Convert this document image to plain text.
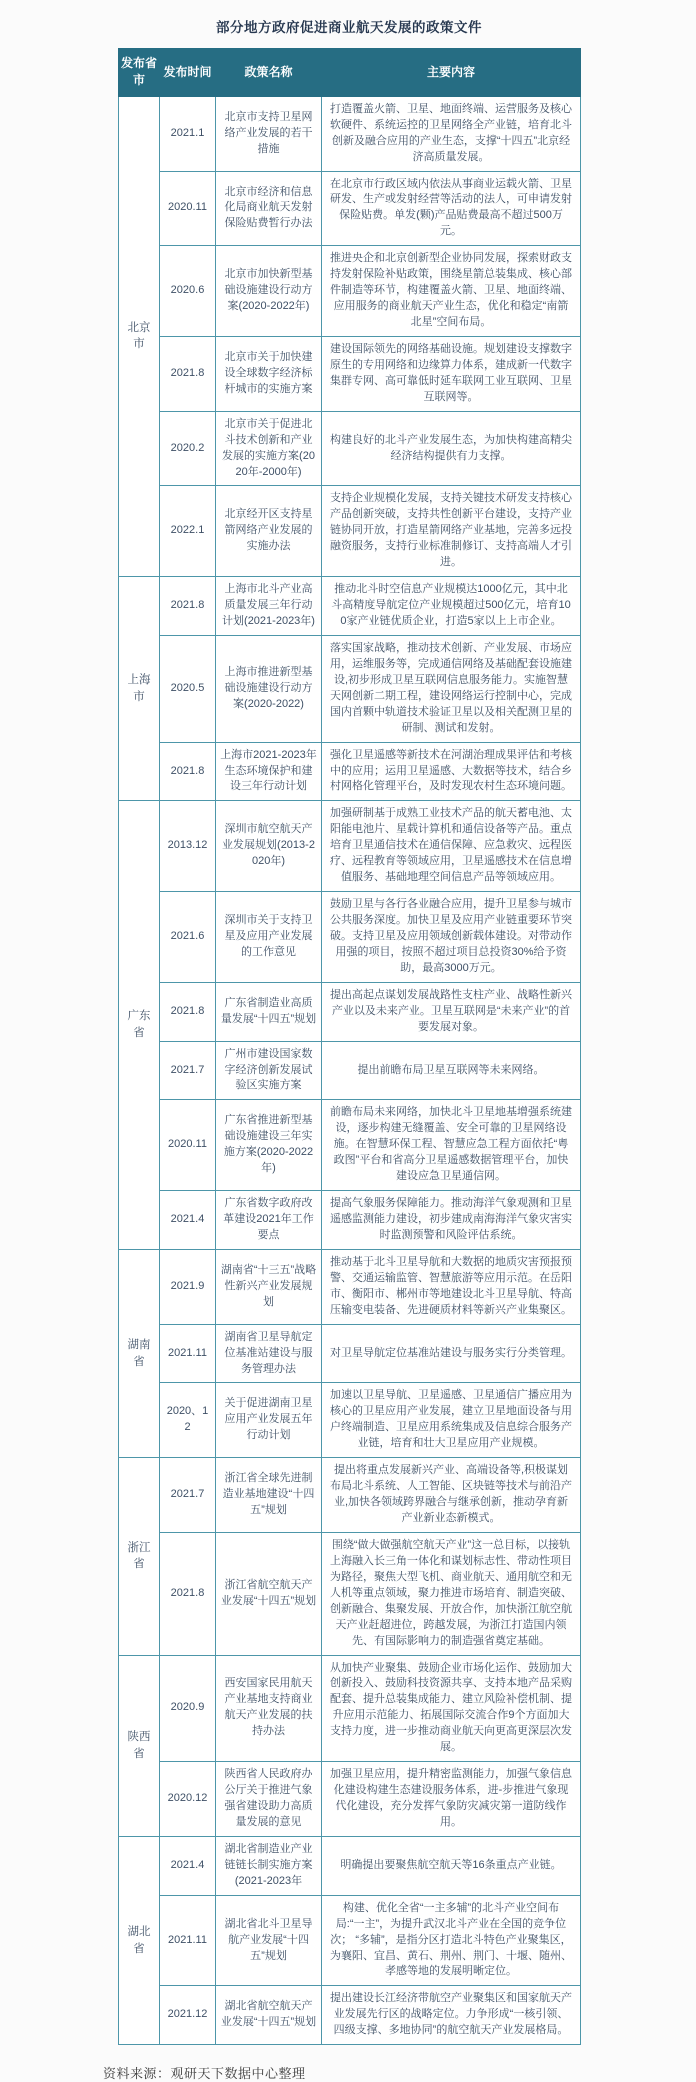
部分地方政府促进商业航天发展的政策文件
发布省市	发布时间	政策名称	主要内容
北京市	2021.1	北京市支持卫星网络产业发展的若干措施	打造覆盖火箭、卫星、地面终端、运营服务及核心软硬件、系统运控的卫星网络全产业链，培育北斗创新及融合应用的产业生态，支撑“十四五”北京经济高质量发展。
	2020.11	北京市经济和信息化局商业航天发射保险贴费暂行办法	在北京市行政区域内依法从事商业运载火箭、卫星研发、生产或发射经营等活动的法人，可申请发射保险贴费。单发(颗)产品贴费最高不超过500万元。
	2020.6	北京市加快新型基础设施建设行动方案(2020-2022年)	推进央企和北京创新型企业协同发展，探索财政支持发射保险补贴政策，围绕星箭总装集成、核心部件制造等环节，构建覆盖火箭、卫星、地面终端、应用服务的商业航天产业生态，优化和稳定“南箭北星”空间布局。
	2021.8	北京市关于加快建设全球数字经济标杆城市的实施方案	建设国际领先的网络基础设施。规划建设支撑数字原生的专用网络和边缘算力体系，建成新一代数字集群专网、高可靠低时延车联网工业互联网、卫星互联网等。
	2020.2	北京市关于促进北斗技术创新和产业发展的实施方案(2020年-2000年)	构建良好的北斗产业发展生态，为加快构建高精尖经济结构提供有力支撑。
	2022.1	北京经开区支持星箭网络产业发展的实施办法	支持企业规模化发展，支持关键技术研发支持核心产品创新突破，支持共性创新平台建设，支持产业链协同开放，打造星箭网络产业基地，完善多远投融资服务，支持行业标准制修订、支持高端人才引进。
上海市	2021.8	上海市北斗产业高质量发展三年行动计划(2021-2023年)	推动北斗时空信息产业规模达1000亿元，其中北斗高精度导航定位产业规模超过500亿元，培育100家产业链优质企业，打造5家以上上市企业。
	2020.5	上海市推进新型基础设施建设行动方案(2020-2022)	落实国家战略，推动技术创新、产业发展、市场应用，运维服务等，完成通信网络及基础配套设施建设,初步形成卫星互联网信息服务能力。实施智慧天网创新二期工程，建设网络运行控制中心，完成国内首颗中轨道技术验证卫星以及相关配测卫星的研制、测试和发射。
	2021.8	上海市2021-2023年生态环境保护和建设三年行动计划	强化卫星遥感等新技术在河湖治理成果评估和考核中的应用；运用卫星遥感、大数据等技术，结合乡村网格化管理平台，及时发现农村生态环境问题。
广东省	2013.12	深圳市航空航天产业发展规划(2013-2020年)	加强研制基于成熟工业技术产品的航天蓄电池、太阳能电池片、星载计算机和通信设备等产品。重点培育卫星通信技术在通信保障、应急救灾、远程医疗、远程教育等领域应用，卫星遥感技术在信息增值服务、基础地理空间信息产品等领域应用。
	2021.6	深圳市关于支持卫星及应用产业发展的工作意见	鼓励卫星与各行各业融合应用，提升卫星参与城市公共服务深度。加快卫星及应用产业链重要环节突破。支持卫星及应用领域创新载体建设。对带动作用强的项目，按照不超过项目总投资30%给予资助，最高3000万元。
	2021.8	广东省制造业高质量发展“十四五”规划	提出高起点谋划发展战路性支柱产业、战略性新兴产业以及未来产业。卫星互联网是“未来产业”的首要发展对象。
	2021.7	广州市建设国家数字经济创新发展试验区实施方案	提出前瞻布局卫星互联网等未来网络。
	2020.11	广东省推进新型基础设施建设三年实施方案(2020-2022年)	前瞻布局未来网络，加快北斗卫星地基增强系统建设，逐步构建无缝覆盖、安全可靠的卫星网络设施。在智慧环保工程、智慧应急工程方面依托“粤政图”平台和省高分卫星遥感数据管理平台，加快建设应急卫星通信网。
	2021.4	广东省数字政府改革建设2021年工作要点	提高气象服务保障能力。推动海洋气象观测和卫星遥感监测能力建设，初步建成南海海洋气象灾害实时监测预警和风险评估系统。
湖南省	2021.9	湖南省“十三五”战略性新兴产业发展规划	推动基于北斗卫星导航和大数据的地质灾害预报预警、交通运输监管、智慧旅游等应用示范。在岳阳市、衡阳市、郴州市等地建设北斗卫星导航、特高压输变电装备、先进硬质材料等新兴产业集聚区。
	2021.11	湖南省卫星导航定位基准站建设与服务管理办法	对卫星导航定位基准站建设与服务实行分类管理。
	2020、12	关于促进湖南卫星应用产业发展五年行动计划	加速以卫星导航、卫星遥感、卫星通信广播应用为核心的卫星应用产业发展，建立卫星地面设备与用户终端制造、卫星应用系统集成及信息综合服务产业链，培育和壮大卫星应用产业规模。
浙江省	2021.7	浙江省全球先进制造业基地建设“十四五”规划	提出将重点发展新兴产业、高端设备等,积极谋划布局北斗系统、人工智能、区块链等技术与前沿产业,加快各领域跨界融合与继承创新，推动孕育新产业新业态新模式。
	2021.8	浙江省航空航天产业发展“十四五”规划	围绕“做大做强航空航天产业”这一总目标，以接轨上海融入长三角一体化和谋划标志性、带动性项目为路径，聚焦大型飞机、商业航天、通用航空和无人机等重点领域，聚力推进市场培育、制造突破、创新融合、集聚发展、开放合作，加快浙江航空航天产业赶超进位，跨越发展，为浙江打造国内领先、有国际影响力的制造强省奠定基础。
陕西省	2020.9	西安国家民用航天产业基地支持商业航天产业发展的扶持办法	从加快产业聚集、鼓励企业市场化运作、鼓励加大创新投入、鼓励科技资源共享、支持本地产品采购配套、提升总装集成能力、建立风险补偿机制、提升应用示范能力、拓展国际交流合作9个方面加大支持力度，进一步推动商业航天向更高更深层次发展。
	2020.12	陕西省人民政府办公厅关于推进气象强省建设助力高质量发展的意见	加强卫星应用，提升精密监测能力，加强气象信息化建设构建生态建设服务体系，进-步推进气象现代化建设，充分发挥气象防灾减灾第一道防线作用。
湖北省	2021.4	湖北省制造业产业链链长制实施方案(2021-2023年	明确提出要聚焦航空航天等16条重点产业链。
	2021.11	湖北省北斗卫星导航产业发展“十四五”规划	构建、优化全省“一主多辅”的北斗产业空间布局:“一主”，为提升武汉北斗产业在全国的竞争位次； “多辅”，是指分区打造北斗特色产业聚集区，为襄阳、宜昌、黄石、荆州、荆门、十堰、随州、孝感等地的发展明晰定位。
	2021.12	湖北省航空航天产业发展“十四五”规划	提出建设长江经济带航空产业聚集区和国家航天产业发展先行区的战略定位。力争形成“一核引领、四级支撑、多地协同”的航空航天产业发展格局。
资料来源：观研天下数据中心整理
